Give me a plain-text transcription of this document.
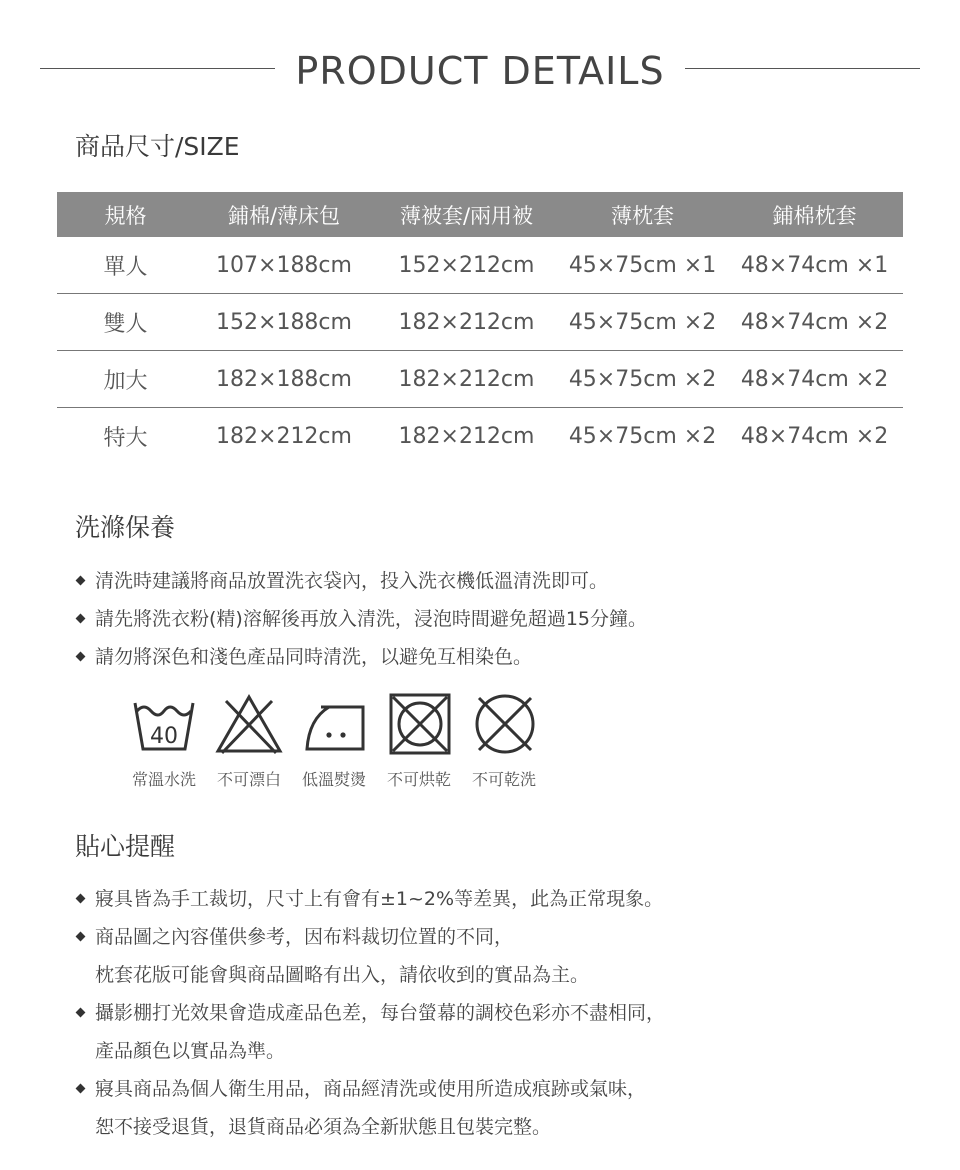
PRODUCT DETAILS
商品尺寸/SIZE
規格	鋪棉/薄床包	薄被套/兩用被	薄枕套	鋪棉枕套
單人	107×188cm	152×212cm	45×75cm ×1	48×74cm ×1
雙人	152×188cm	182×212cm	45×75cm ×2	48×74cm ×2
加大	182×188cm	182×212cm	45×75cm ×2	48×74cm ×2
特大	182×212cm	182×212cm	45×75cm ×2	48×74cm ×2
洗滌保養
清洗時建議將商品放置洗衣袋內，投入洗衣機低溫清洗即可。
請先將洗衣粉(精)溶解後再放入清洗，浸泡時間避免超過15分鐘。
請勿將深色和淺色產品同時清洗，以避免互相染色。
40
常溫水洗 不可漂白 低溫熨燙 不可烘乾 不可乾洗
貼心提醒
寢具皆為手工裁切，尺寸上有會有±1~2%等差異，此為正常現象。
商品圖之內容僅供參考，因布料裁切位置的不同，
枕套花版可能會與商品圖略有出入，請依收到的實品為主。
攝影棚打光效果會造成產品色差，每台螢幕的調校色彩亦不盡相同，
產品顏色以實品為準。
寢具商品為個人衛生用品，商品經清洗或使用所造成痕跡或氣味，
恕不接受退貨，退貨商品必須為全新狀態且包裝完整。
